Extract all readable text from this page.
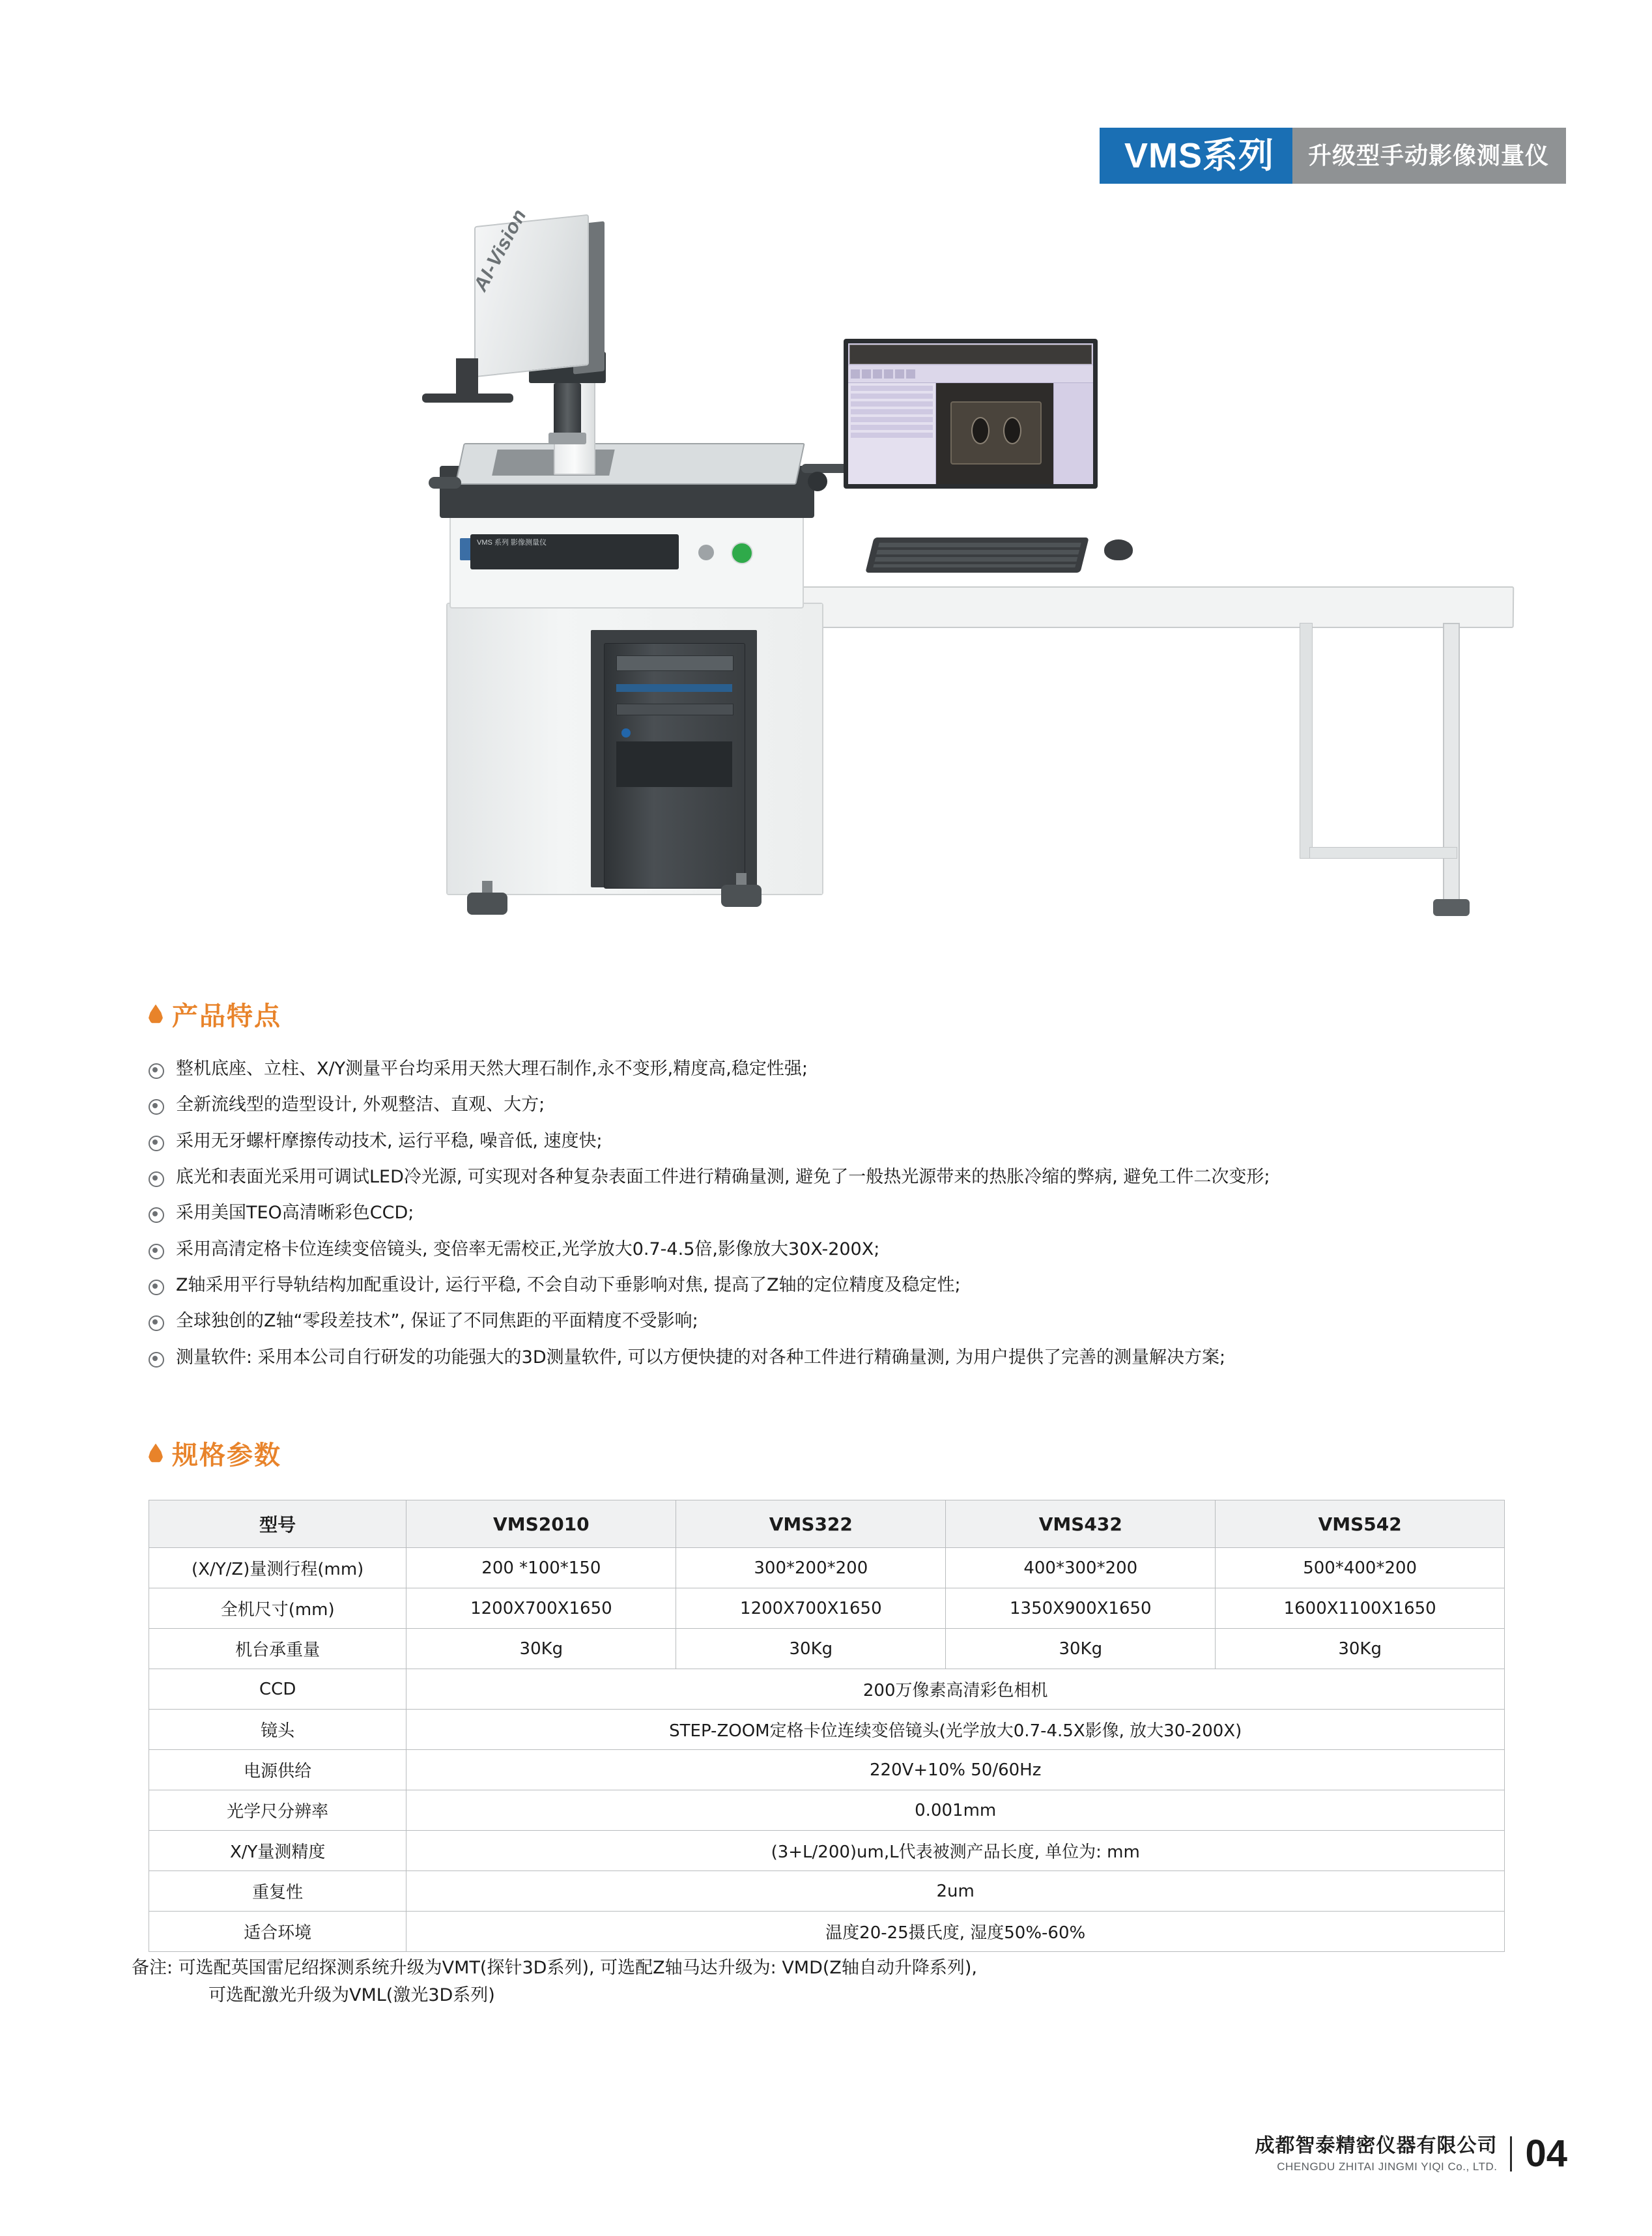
VMS系列 升级型手动影像测量仪
VMS 系列 影像测量仪
AI-Vision
产品特点
整机底座、立柱、X/Y测量平台均采用天然大理石制作,永不变形,精度高,稳定性强;
全新流线型的造型设计, 外观整洁、直观、大方;
采用无牙螺杆摩擦传动技术, 运行平稳, 噪音低, 速度快;
底光和表面光采用可调试LED冷光源, 可实现对各种复杂表面工件进行精确量测, 避免了一般热光源带来的热胀冷缩的弊病, 避免工件二次变形;
采用美国TEO高清晰彩色CCD;
采用高清定格卡位连续变倍镜头, 变倍率无需校正,光学放大0.7-4.5倍,影像放大30X-200X;
Z轴采用平行导轨结构加配重设计, 运行平稳, 不会自动下垂影响对焦, 提高了Z轴的定位精度及稳定性;
全球独创的Z轴“零段差技术”, 保证了不同焦距的平面精度不受影响;
测量软件: 采用本公司自行研发的功能强大的3D测量软件, 可以方便快捷的对各种工件进行精确量测, 为用户提供了完善的测量解决方案;
规格参数
型号	VMS2010	VMS322	VMS432	VMS542
(X/Y/Z)量测行程(mm)	200 *100*150	300*200*200	400*300*200	500*400*200
全机尺寸(mm)	1200X700X1650	1200X700X1650	1350X900X1650	1600X1100X1650
机台承重量	30Kg	30Kg	30Kg	30Kg
CCD	200万像素高清彩色相机			
镜头	STEP-ZOOM定格卡位连续变倍镜头(光学放大0.7-4.5X影像, 放大30-200X)			
电源供给	220V+10% 50/60Hz			
光学尺分辨率	0.001mm			
X/Y量测精度	(3+L/200)um,L代表被测产品长度, 单位为: mm			
重复性	2um			
适合环境	温度20-25摄氏度, 湿度50%-60%			
备注: 可选配英国雷尼绍探测系统升级为VMT(探针3D系列), 可选配Z轴马达升级为: VMD(Z轴自动升降系列),
可选配激光升级为VML(激光3D系列)
成都智泰精密仪器有限公司
CHENGDU ZHITAI JINGMI YIQI Co., LTD. 04
